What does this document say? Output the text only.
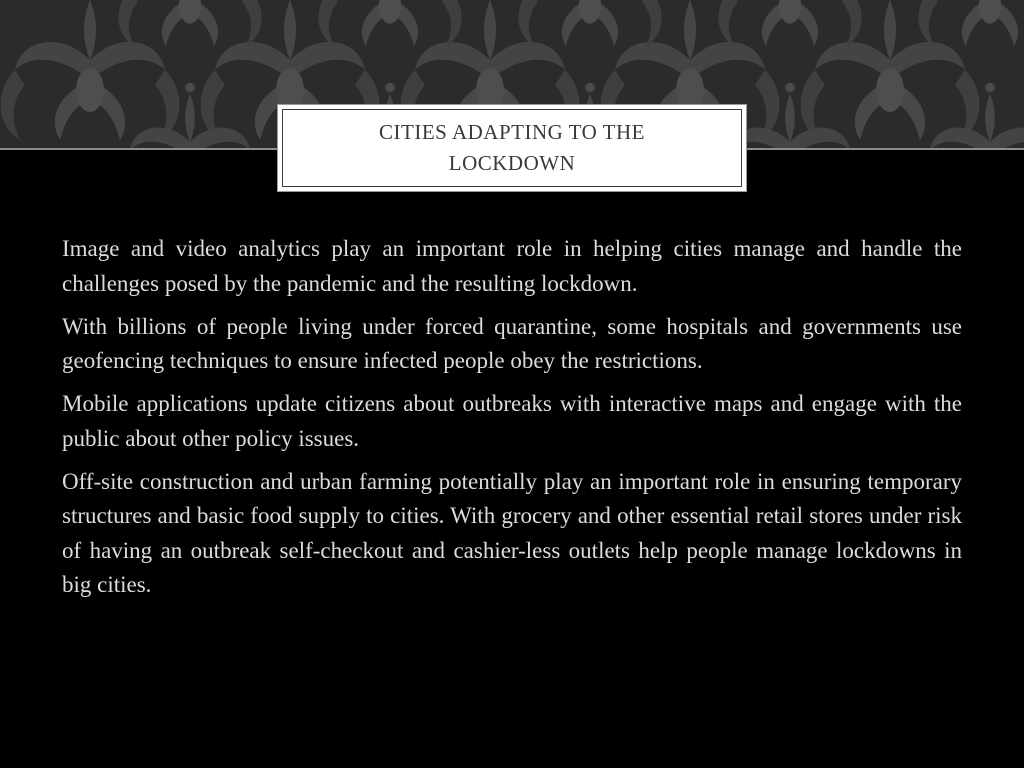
CITIES ADAPTING TO THE LOCKDOWN

Image and video analytics play an important role in helping cities manage and handle the challenges posed by the pandemic and the resulting lockdown.

With billions of people living under forced quarantine, some hospitals and governments use geofencing techniques to ensure infected people obey the restrictions.

Mobile applications update citizens about outbreaks with interactive maps and engage with the public about other policy issues.

Off-site construction and urban farming potentially play an important role in ensuring temporary structures and basic food supply to cities. With grocery and other essential retail stores under risk of having an outbreak self-checkout and cashier-less outlets help people manage lockdowns in big cities.
